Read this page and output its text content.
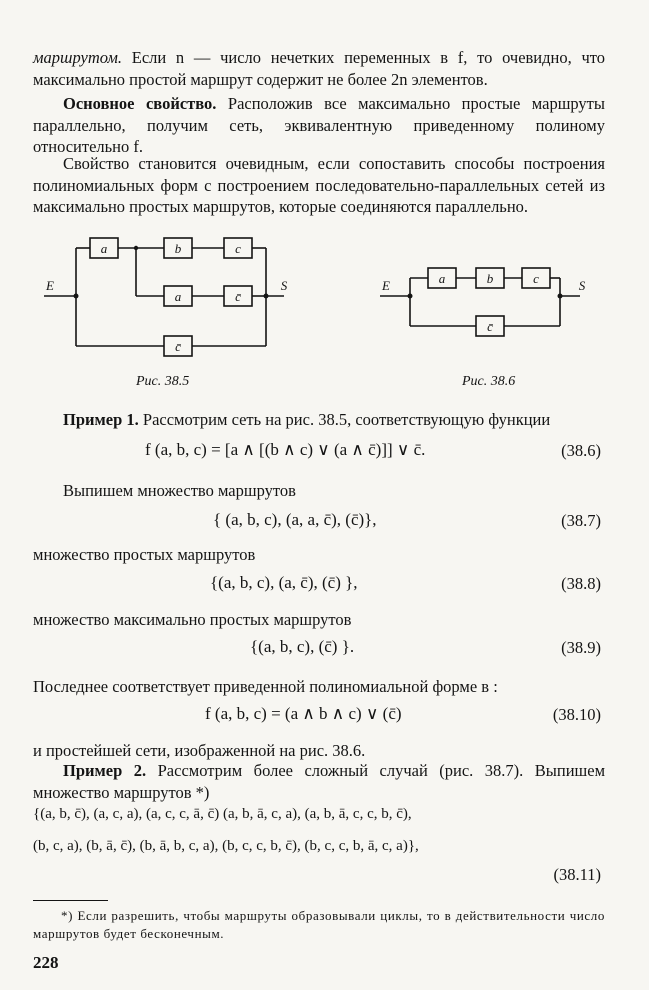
маршрутом. Если n — число нечетких переменных в f, то очевидно, что максимально простой маршрут содержит не более 2n элементов.

Основное свойство. Расположив все максимально простые маршруты параллельно, получим сеть, эквивалентную приведенному полиному относительно f.

Свойство становится очевидным, если сопоставить способы построения полиномиальных форм с построением последовательно-параллельных сетей из максимально простых маршрутов, которые соединяются параллельно.

E	S
a	b	c
a	c̄
c̄
Рис. 38.5
E	S
a	b	c
c̄
Рис. 38.6

Пример 1. Рассмотрим сеть на рис. 38.5, соответствующую функции

f (a, b, c) = [a ∧ [(b ∧ c) ∨ (a ∧ c̄)]] ∨ c̄.	(38.6)
Выпишем множество маршрутов
{ (a, b, c), (a, a, c̄), (c̄)},	(38.7)
множество простых маршрутов
{(a, b, c), (a, c̄), (c̄) },	(38.8)
множество максимально простых маршрутов
{(a, b, c), (c̄) }.	(38.9)
Последнее соответствует приведенной полиномиальной форме в :
f (a, b, c) = (a ∧ b ∧ c) ∨ (c̄)	(38.10)
и простейшей сети, изображенной на рис. 38.6.

Пример 2. Рассмотрим более сложный случай (рис. 38.7). Выпишем множество маршрутов *)

{(a, b, c̄), (a, c, a), (a, c, c, ā, c̄) (a, b, ā, c, a), (a, b, ā, c, c, b, c̄),
(b, c, a), (b, ā, c̄), (b, ā, b, c, a), (b, c, c, b, c̄), (b, c, c, b, ā, c, a)},
(38.11)
*) Если разрешить, чтобы маршруты образовывали циклы, то в действительности число маршрутов будет бесконечным.
228
